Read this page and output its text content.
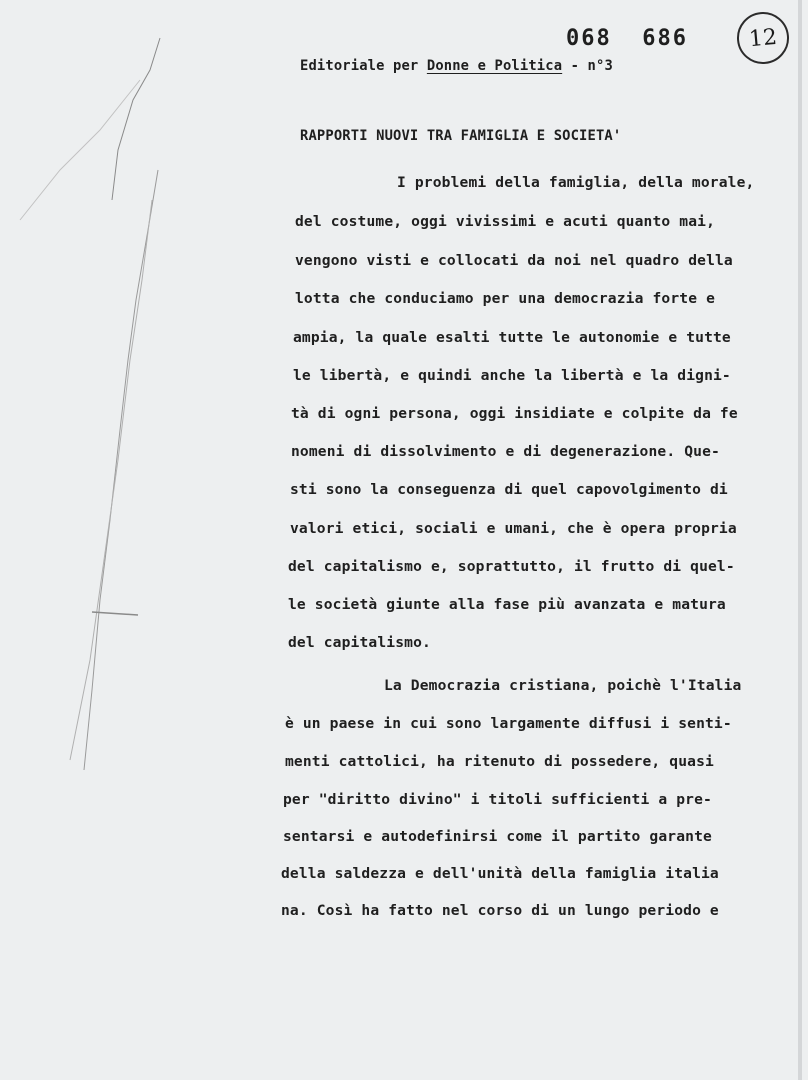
068  686	12
Editoriale per Donne e Politica - n°3
RAPPORTI NUOVI TRA FAMIGLIA E SOCIETA'
I problemi della famiglia, della morale,
del costume, oggi vivissimi e acuti quanto mai,
vengono visti e collocati da noi nel quadro della
lotta che conduciamo per una democrazia forte e
ampia, la quale esalti tutte le autonomie e tutte
le libertà, e quindi anche la libertà e la digni-
tà di ogni persona, oggi insidiate e colpite da fe
nomeni di dissolvimento e di degenerazione. Que-
sti sono la conseguenza di quel capovolgimento di
valori etici, sociali e umani, che è opera propria
del capitalismo e, soprattutto, il frutto di quel-
le società giunte alla fase più avanzata e matura
del capitalismo.
La Democrazia cristiana, poichè l'Italia
è un paese in cui sono largamente diffusi i senti-
menti cattolici, ha ritenuto di possedere, quasi
per "diritto divino" i titoli sufficienti a pre-
sentarsi e autodefinirsi come il partito garante
della saldezza e dell'unità della famiglia italia
na. Così ha fatto nel corso di un lungo periodo e
